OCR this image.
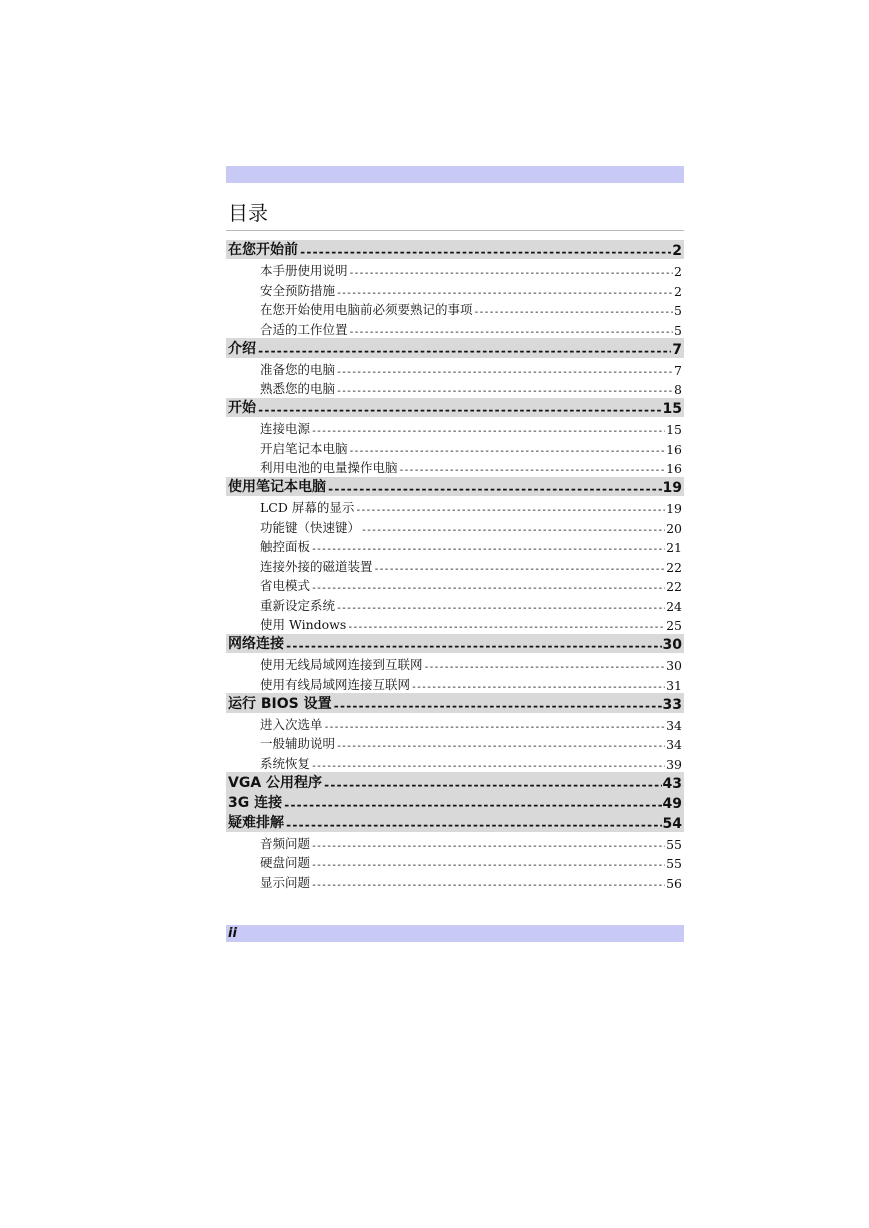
目录
在您开始前 -----	2
本手册使用说明 -----	2
安全预防措施 -----	2
在您开始使用电脑前必须要熟记的事项 -----	5
合适的工作位置 -----	5
介绍 -----	7
准备您的电脑 -----	7
熟悉您的电脑 -----	8
开始 -----	15
连接电源 -----	15
开启笔记本电脑 -----	16
利用电池的电量操作电脑 -----	16
使用笔记本电脑 -----	19
LCD 屏幕的显示 -----	19
功能键（快速键） -----	20
触控面板 -----	21
连接外接的磁道装置 -----	22
省电模式 -----	22
重新设定系统 -----	24
使用 Windows -----	25
网络连接 -----	30
使用无线局域网连接到互联网 -----	30
使用有线局域网连接互联网 -----	31
运行 BIOS 设置 -----	33
进入次选单 -----	34
一般辅助说明 -----	34
系统恢复 -----	39
VGA 公用程序 -----	43
3G 连接 -----	49
疑难排解 -----	54
音频问题 -----	55
硬盘问题 -----	55
显示问题 -----	56
ii
